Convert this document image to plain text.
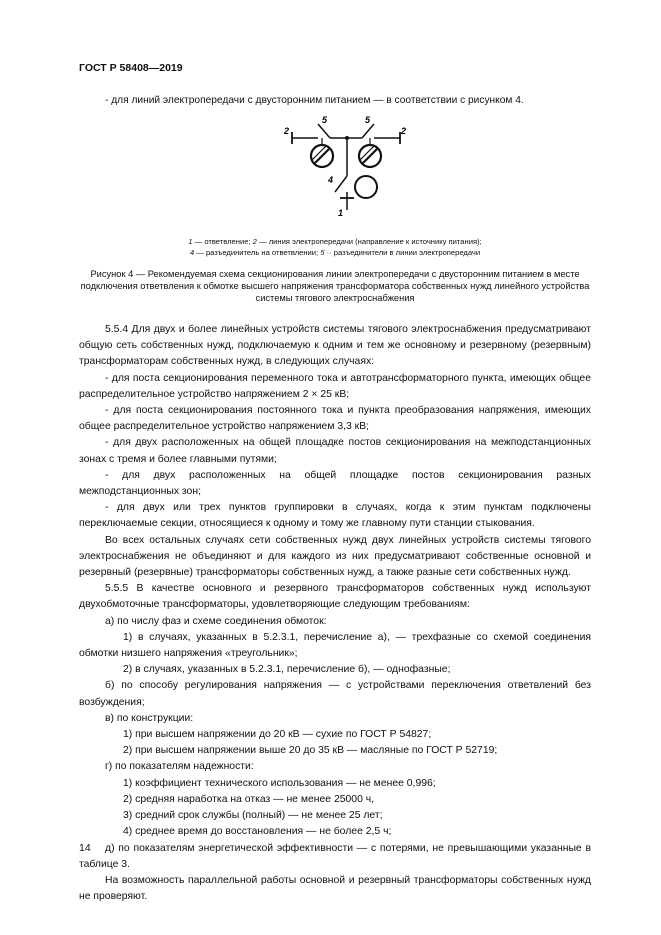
ГОСТ Р 58408—2019
- для линий электропередачи с двусторонним питанием — в соответствии с рисунком 4.
2
5	5
2
4
1
1 — ответвление; 2 — линия электропередачи (направление к источнику питания);
4 — разъединитель на ответвлении; 5 ·· разъединители в линии электропередачи
Рисунок 4 — Рекомендуемая схема секционирования линии электропередачи с двусторонним питанием в месте подключения ответвления к обмотке высшего напряжения трансформатора собственных нужд линейного устройства системы тягового электроснабжения

5.5.4 Для двух и более линейных устройств системы тягового электроснабжения предусматривают общую сеть собственных нужд, подключаемую к одним и тем же основному и резервному (резервным) трансформаторам собственных нужд, в следующих случаях:

- для поста секционирования переменного тока и автотрансформаторного пункта, имеющих общее распределительное устройство напряжением 2 × 25 кВ;

- для поста секционирования постоянного тока и пункта преобразования напряжения, имеющих общее распределительное устройство напряжением 3,3 кВ;

- для двух расположенных на общей площадке постов секционирования на межподстанционных зонах с тремя и более главными путями;

- для двух расположенных на общей площадке постов секционирования разных межподстанционных зон;

- для двух или трех пунктов группировки в случаях, когда к этим пунктам подключены переключаемые секции, относящиеся к одному и тому же главному пути станции стыкования.

Во всех остальных случаях сети собственных нужд двух линейных устройств системы тягового электроснабжения не объединяют и для каждого из них предусматривают собственные основной и резервный (резервные) трансформаторы собственных нужд, а также разные сети собственных нужд.

5.5.5 В качестве основного и резервного трансформаторов собственных нужд используют двухобмоточные трансформаторы, удовлетворяющие следующим требованиям:

а) по числу фаз и схеме соединения обмоток:

1) в случаях, указанных в 5.2.3.1, перечисление а), — трехфазные со схемой соединения обмотки низшего напряжения «треугольник»;

2) в случаях, указанных в 5.2.3.1, перечисление б), — однофазные;

б) по способу регулирования напряжения — с устройствами переключения ответвлений без возбуждения;

в) по конструкции:

1) при высшем напряжении до 20 кВ — сухие по ГОСТ Р 54827;

2) при высшем напряжении выше 20 до 35 кВ — масляные по ГОСТ Р 52719;

г) по показателям надежности:

1) коэффициент технического использования — не менее 0,996;

2) средняя наработка на отказ — не менее 25000 ч,

3) средний срок службы (полный) — не менее 25 лет;

4) среднее время до восстановления — не более 2,5 ч;

д) по показателям энергетической эффективности — с потерями, не превышающими указанные в таблице 3.

На возможность параллельной работы основной и резервный трансформаторы собственных нужд не проверяют.

14
